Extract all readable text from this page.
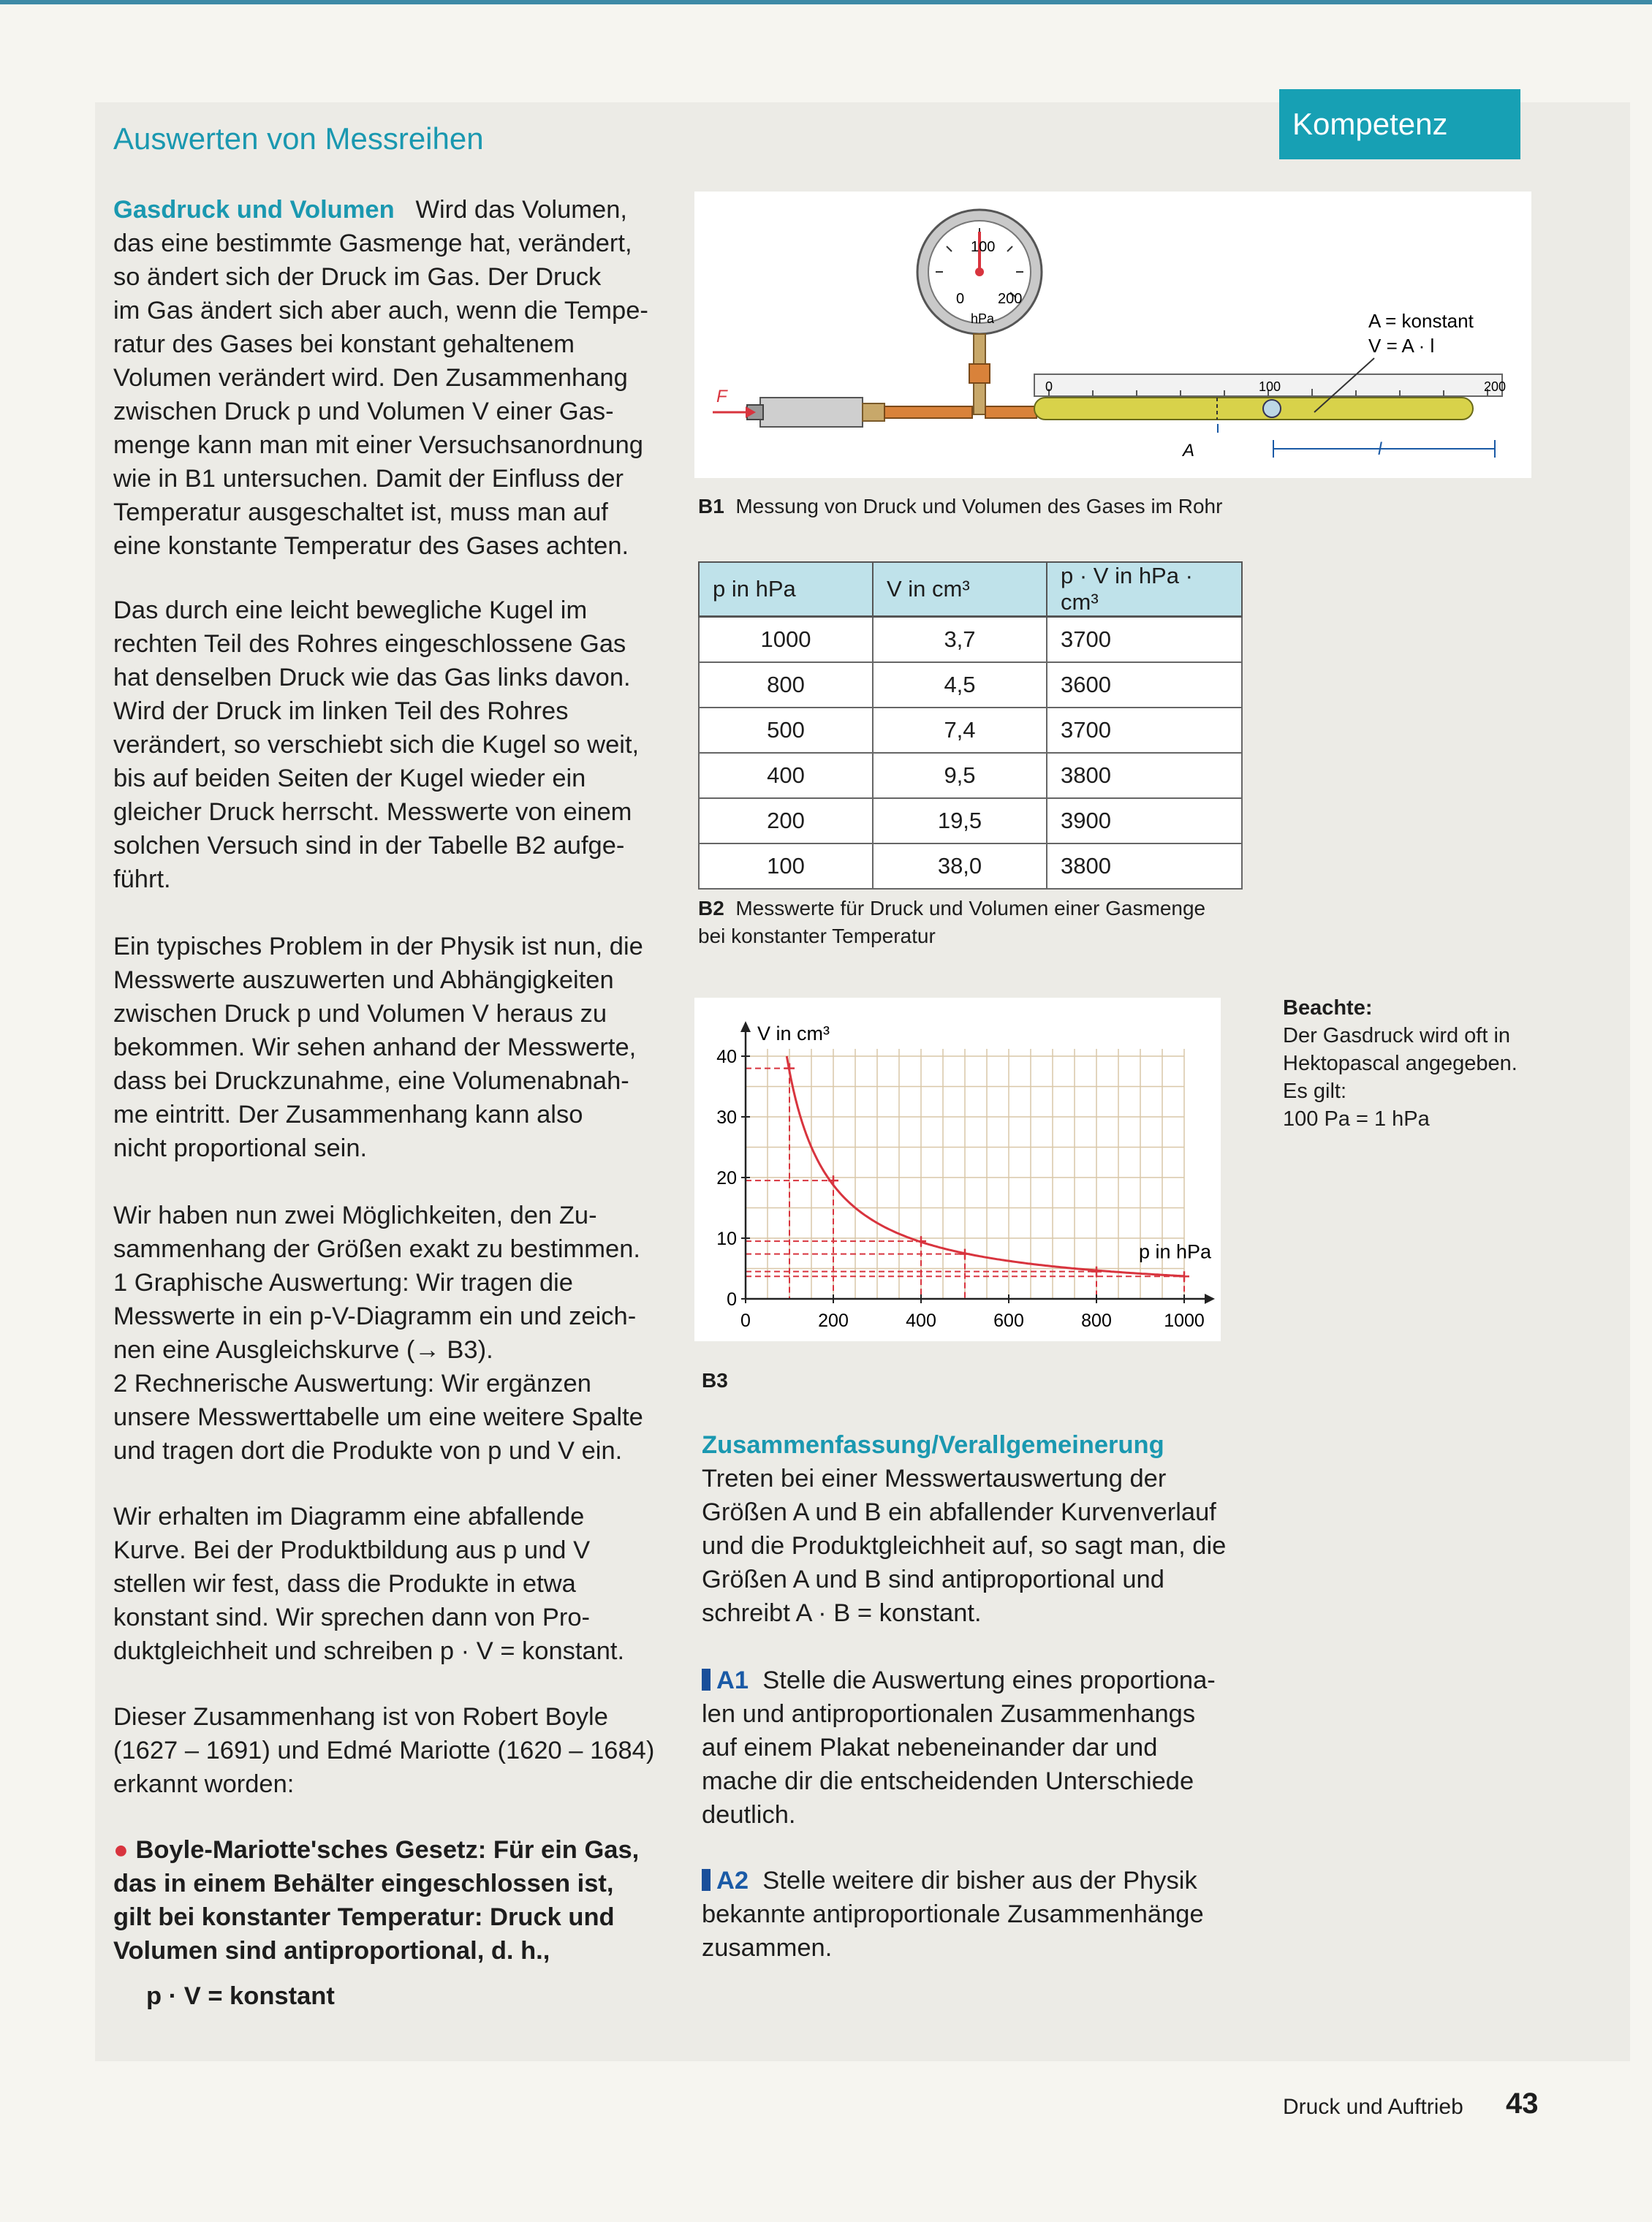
Kompetenz
Auswerten von Messreihen

Gasdruck und Volumen Wird das Volumen,

das eine bestimmte Gasmenge hat, verändert,

so ändert sich der Druck im Gas. Der Druck

im Gas ändert sich aber auch, wenn die Tempe-

ratur des Gases bei konstant gehaltenem

Volumen verändert wird. Den Zusammenhang

zwischen Druck p und Volumen V einer Gas-

menge kann man mit einer Versuchsanordnung

wie in B1 untersuchen. Damit der Einfluss der

Temperatur ausgeschaltet ist, muss man auf

eine konstante Temperatur des Gases achten.

Das durch eine leicht bewegliche Kugel im

rechten Teil des Rohres eingeschlossene Gas

hat denselben Druck wie das Gas links davon.

Wird der Druck im linken Teil des Rohres

verändert, so verschiebt sich die Kugel so weit,

bis auf beiden Seiten der Kugel wieder ein

gleicher Druck herrscht. Messwerte von einem

solchen Versuch sind in der Tabelle B2 aufge-

führt.

Ein typisches Problem in der Physik ist nun, die

Messwerte auszuwerten und Abhängigkeiten

zwischen Druck p und Volumen V heraus zu

bekommen. Wir sehen anhand der Messwerte,

dass bei Druckzunahme, eine Volumenabnah-

me eintritt. Der Zusammenhang kann also

nicht proportional sein.

Wir haben nun zwei Möglichkeiten, den Zu-

sammenhang der Größen exakt zu bestimmen.

1 Graphische Auswertung: Wir tragen die

Messwerte in ein p-V-Diagramm ein und zeich-

nen eine Ausgleichskurve (→ B3).

2 Rechnerische Auswertung: Wir ergänzen

unsere Messwerttabelle um eine weitere Spalte

und tragen dort die Produkte von p und V ein.

Wir erhalten im Diagramm eine abfallende

Kurve. Bei der Produktbildung aus p und V

stellen wir fest, dass die Produkte in etwa

konstant sind. Wir sprechen dann von Pro-

duktgleichheit und schreiben p · V = konstant.

Dieser Zusammenhang ist von Robert Boyle

(1627 – 1691) und Edmé Mariotte (1620 – 1684)

erkannt worden:

● Boyle-Mariotte'sches Gesetz: Für ein Gas,

das in einem Behälter eingeschlossen ist,

gilt bei konstanter Temperatur: Druck und

Volumen sind antiproportional, d. h.,

p · V = konstant

0
100
200
hPa
F	0	100	200
A	l
A = konstant
V = A · l
B1 Messung von Druck und Volumen des Gases im Rohr
p in hPa	V in cm³	p · V in hPa · cm³
1000	3,7	3700
800	4,5	3600
500	7,4	3700
400	9,5	3800
200	19,5	3900
100	38,0	3800
B2 Messwerte für Druck und Volumen einer Gasmenge
bei konstanter Temperatur
0	200	400	600	800	1000
0
10
20
30
40
V in cm³
p in hPa
B3

Zusammenfassung/Verallgemeinerung

Treten bei einer Messwertauswertung der

Größen A und B ein abfallender Kurvenverlauf

und die Produktgleichheit auf, so sagt man, die

Größen A und B sind antiproportional und

schreibt A · B = konstant.

A1 Stelle die Auswertung eines proportiona-

len und antiproportionalen Zusammenhangs

auf einem Plakat nebeneinander dar und

mache dir die entscheidenden Unterschiede

deutlich.

A2 Stelle weitere dir bisher aus der Physik

bekannte antiproportionale Zusammenhänge

zusammen.

Beachte:
Der Gasdruck wird oft in
Hektopascal angegeben.
Es gilt:
100 Pa = 1 hPa
Druck und Auftrieb 43
